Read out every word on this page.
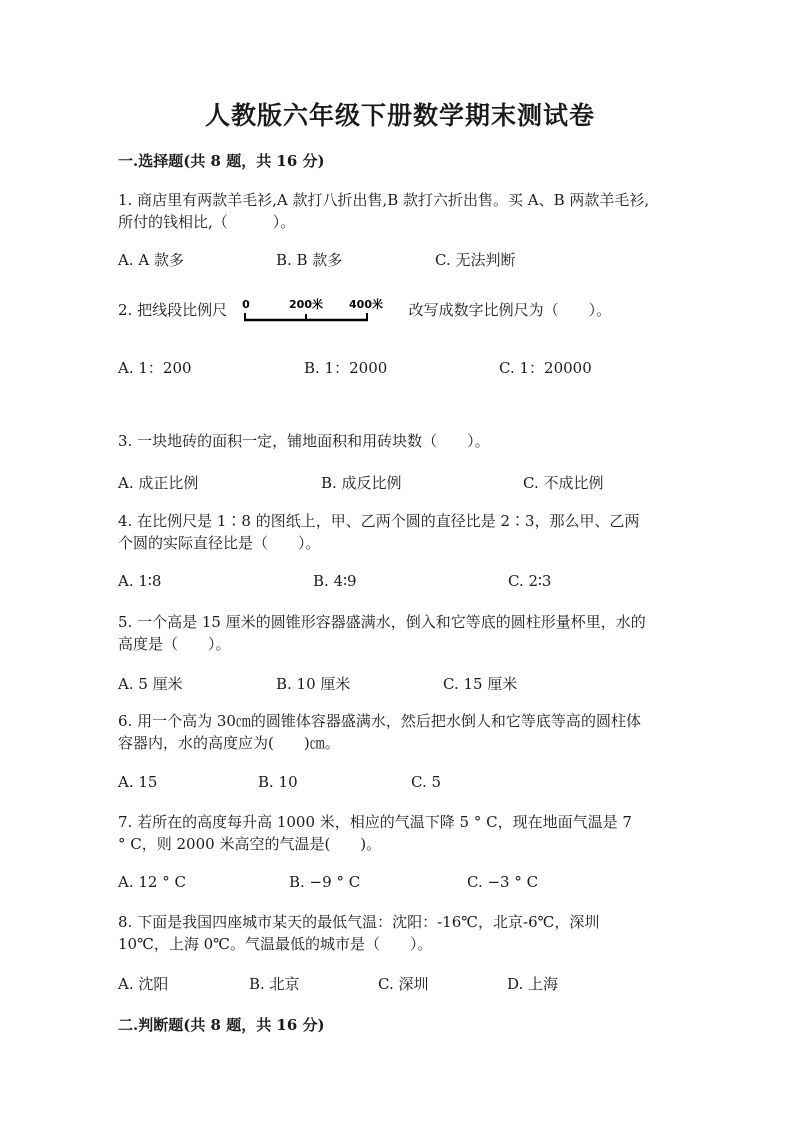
人教版六年级下册数学期末测试卷
一.选择题(共 8 题，共 16 分)
1. 商店里有两款羊毛衫,A 款打八折出售,B 款打六折出售。买 A、B 两款羊毛衫,
所付的钱相比,（　　　）。
A. A 款多	B. B 款多	C. 无法判断
2. 把线段比例尺 0	200米 400米 改写成数字比例尺为（　　）。
A. 1：200	B. 1：2000	C. 1：20000
3. 一块地砖的面积一定，铺地面积和用砖块数（　　）。
A. 成正比例	B. 成反比例	C. 不成比例
4. 在比例尺是 1∶8 的图纸上，甲、乙两个圆的直径比是 2∶3，那么甲、乙两
个圆的实际直径比是（　　）。
A. 1∶8	B. 4∶9	C. 2∶3
5. 一个高是 15 厘米的圆锥形容器盛满水，倒入和它等底的圆柱形量杯里，水的
高度是（　　）。
A. 5 厘米	B. 10 厘米	C. 15 厘米
6. 用一个高为 30㎝的圆锥体容器盛满水，然后把水倒人和它等底等高的圆柱体
容器内，水的高度应为(　　)㎝。
A. 15	B. 10	C. 5
7. 若所在的高度每升高 1000 米，相应的气温下降 5 ° C，现在地面气温是 7
° C，则 2000 米高空的气温是(　　)。
A. 12 ° C	B. −9 ° C	C. −3 ° C
8. 下面是我国四座城市某天的最低气温：沈阳：-16℃，北京-6℃，深圳
10℃，上海 0℃。气温最低的城市是（　　）。
A. 沈阳	B. 北京	C. 深圳	D. 上海
二.判断题(共 8 题，共 16 分)
